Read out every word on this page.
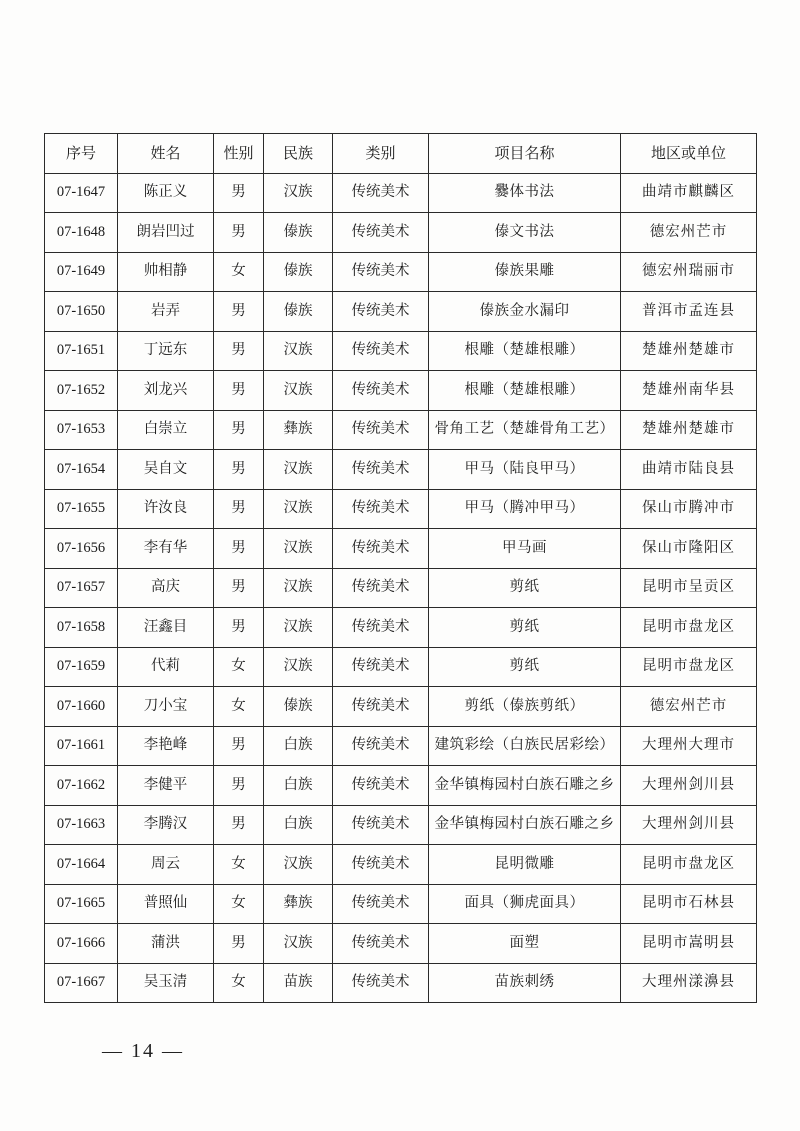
序号	姓名	性别	民族	类别	项目名称	地区或单位
07-1647	陈正义	男	汉族	传统美术	爨体书法	曲靖市麒麟区
07-1648	朗岩凹过	男	傣族	传统美术	傣文书法	德宏州芒市
07-1649	帅相静	女	傣族	传统美术	傣族果雕	德宏州瑞丽市
07-1650	岩弄	男	傣族	传统美术	傣族金水漏印	普洱市孟连县
07-1651	丁远东	男	汉族	传统美术	根雕（楚雄根雕）	楚雄州楚雄市
07-1652	刘龙兴	男	汉族	传统美术	根雕（楚雄根雕）	楚雄州南华县
07-1653	白崇立	男	彝族	传统美术	骨角工艺（楚雄骨角工艺）	楚雄州楚雄市
07-1654	吴自文	男	汉族	传统美术	甲马（陆良甲马）	曲靖市陆良县
07-1655	许汝良	男	汉族	传统美术	甲马（腾冲甲马）	保山市腾冲市
07-1656	李有华	男	汉族	传统美术	甲马画	保山市隆阳区
07-1657	高庆	男	汉族	传统美术	剪纸	昆明市呈贡区
07-1658	汪鑫目	男	汉族	传统美术	剪纸	昆明市盘龙区
07-1659	代莉	女	汉族	传统美术	剪纸	昆明市盘龙区
07-1660	刀小宝	女	傣族	传统美术	剪纸（傣族剪纸）	德宏州芒市
07-1661	李艳峰	男	白族	传统美术	建筑彩绘（白族民居彩绘）	大理州大理市
07-1662	李健平	男	白族	传统美术	金华镇梅园村白族石雕之乡	大理州剑川县
07-1663	李腾汉	男	白族	传统美术	金华镇梅园村白族石雕之乡	大理州剑川县
07-1664	周云	女	汉族	传统美术	昆明微雕	昆明市盘龙区
07-1665	普照仙	女	彝族	传统美术	面具（狮虎面具）	昆明市石林县
07-1666	蒲洪	男	汉族	传统美术	面塑	昆明市嵩明县
07-1667	吴玉清	女	苗族	传统美术	苗族刺绣	大理州漾濞县
— 14 —
